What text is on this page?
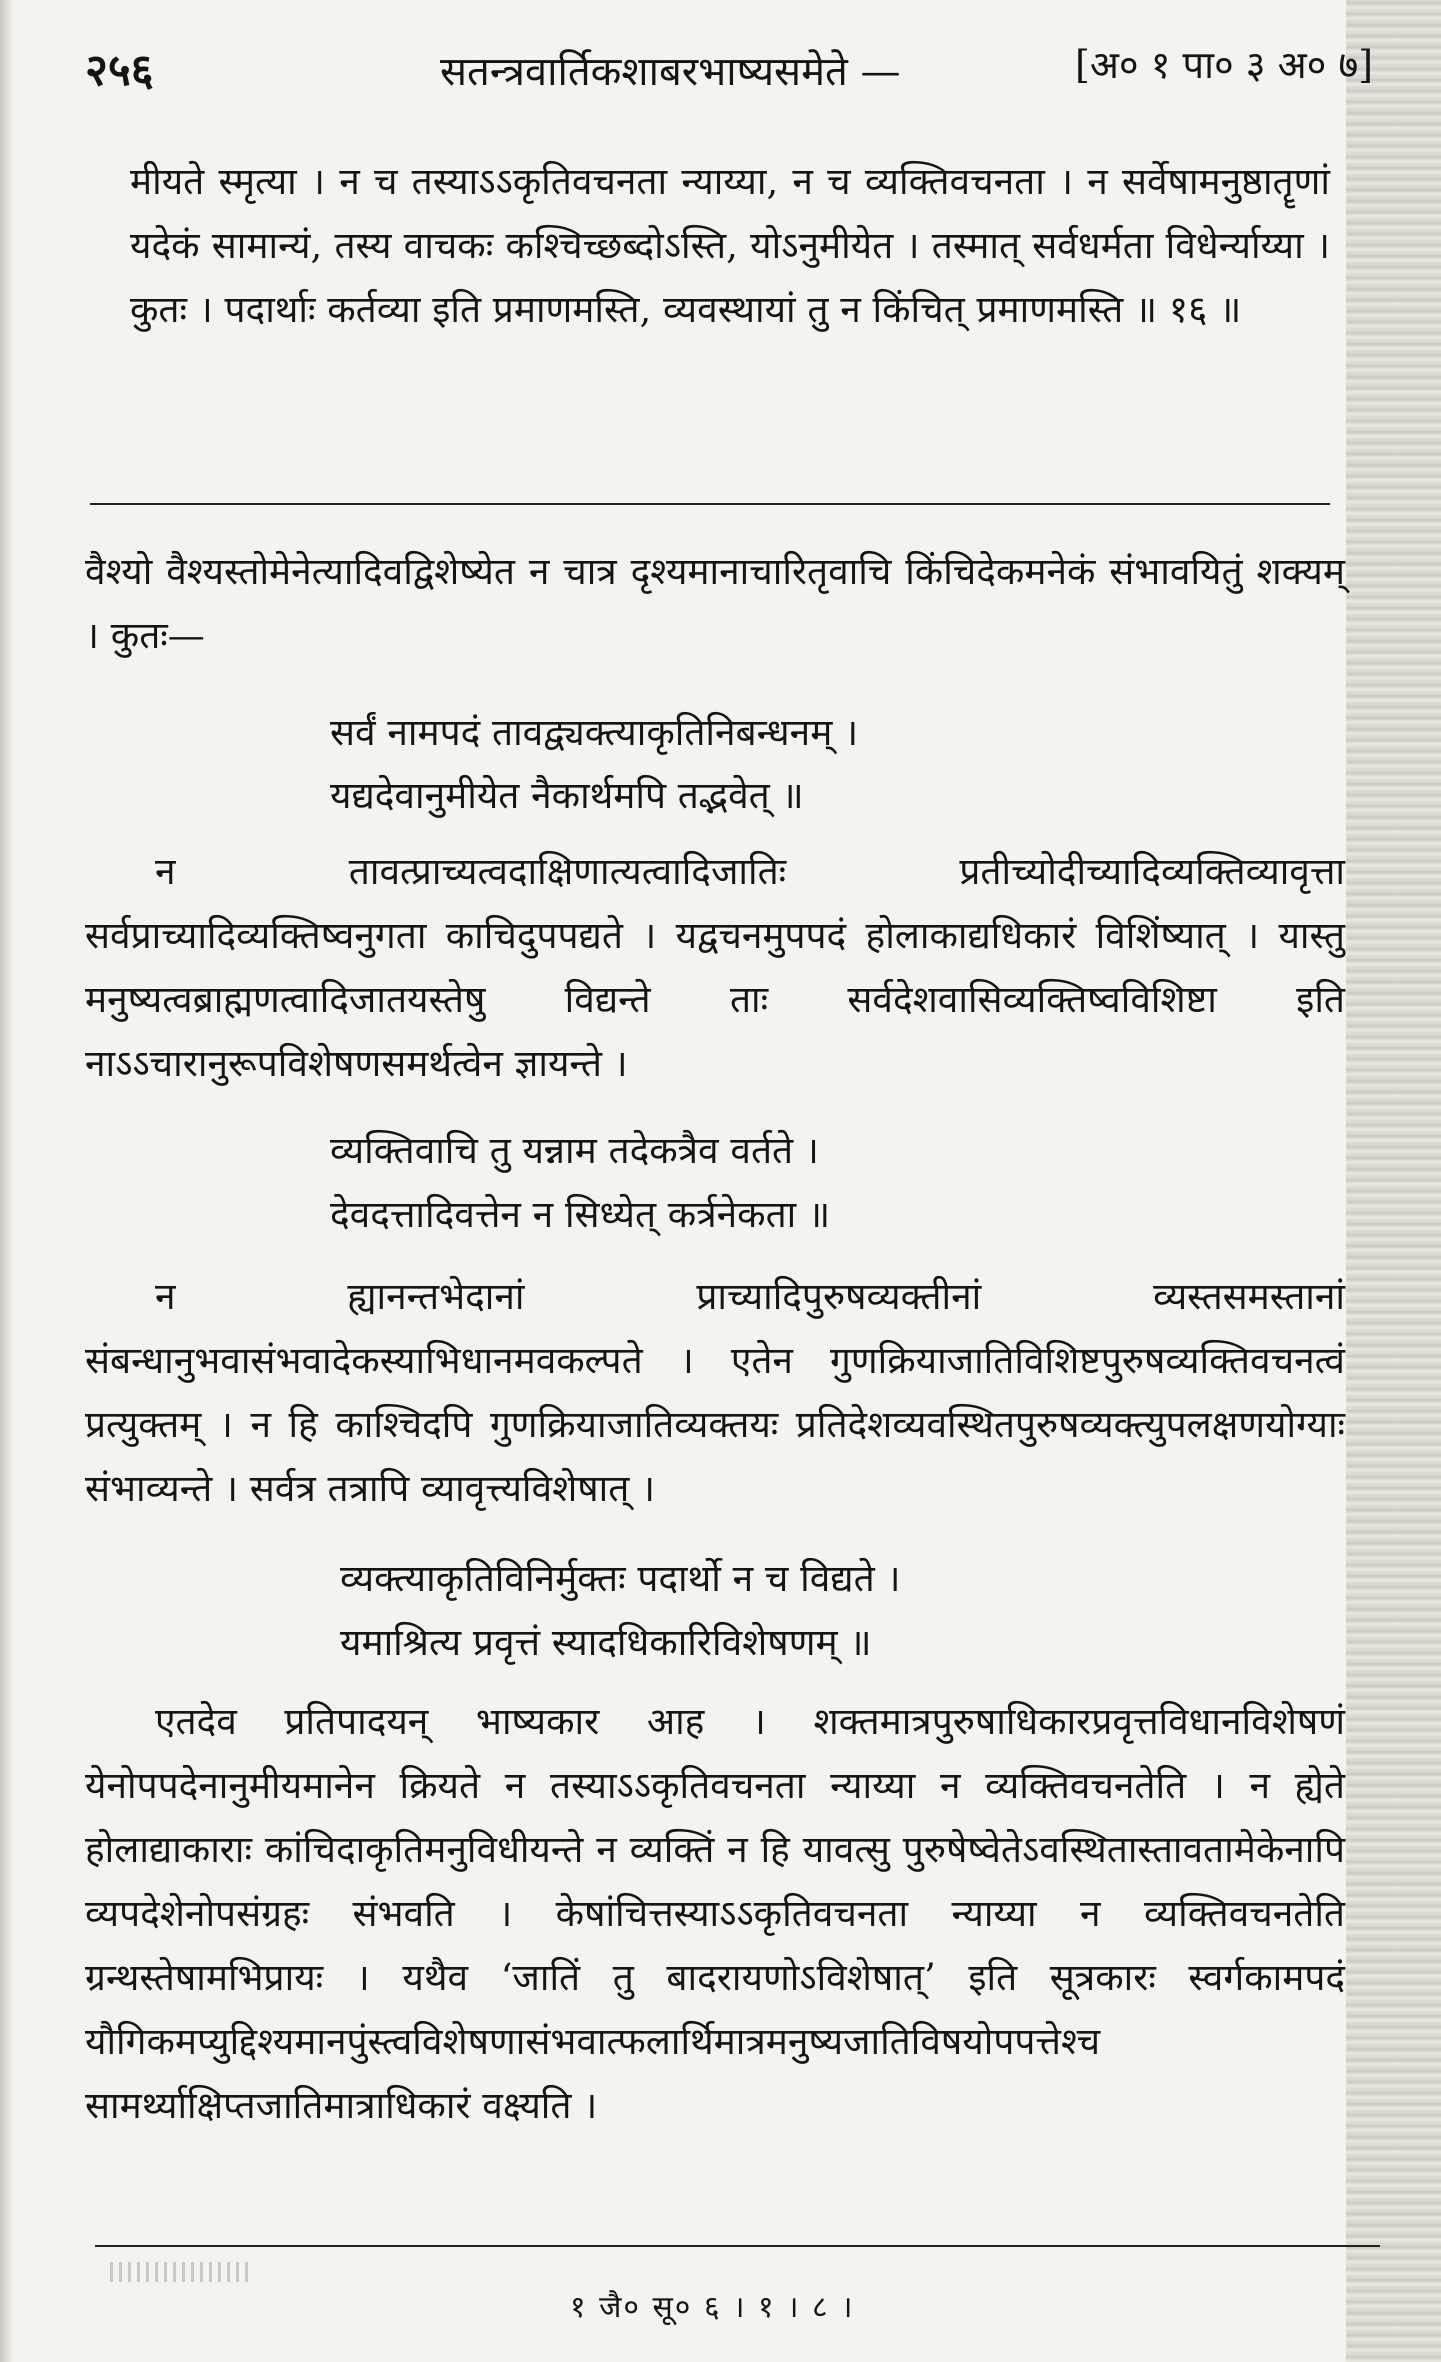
२५६	सतन्त्रवार्तिकशाबरभाष्यसमेते —	[अ० १ पा० ३ अ० ७]

मीयते स्मृत्या । न च तस्याऽऽकृतिवचनता न्याय्या, न च व्यक्तिवचनता । न सर्वेषामनुष्ठातॄणां यदेकं सामान्यं, तस्य वाचकः कश्चिच्छब्दोऽस्ति, योऽनुमीयेत । तस्मात् सर्वधर्मता विधेर्न्याय्या । कुतः । पदार्थाः कर्तव्या इति प्रमाणमस्ति, व्यवस्थायां तु न किंचित् प्रमाणमस्ति ॥ १६ ॥

वैश्यो वैश्यस्तोमेनेत्यादिवद्विशेष्येत न चात्र दृश्यमानाचारितृवाचि किंचिदेकमनेकं संभावयितुं शक्यम् । कुतः—

सर्वं नामपदं तावद्व्यक्त्याकृतिनिबन्धनम् ।

यद्यदेवानुमीयेत नैकार्थमपि तद्भवेत् ॥

न तावत्प्राच्यत्वदाक्षिणात्यत्वादिजातिः प्रतीच्योदीच्यादिव्यक्तिव्यावृत्ता सर्वप्राच्यादिव्यक्तिष्वनुगता काचिदुपपद्यते । यद्वचनमुपपदं होलाकाद्यधिकारं विशिंष्यात् । यास्तु मनुष्यत्वब्राह्मणत्वादिजातयस्तेषु विद्यन्ते ताः सर्वदेशवासिव्यक्तिष्वविशिष्टा इति नाऽऽचारानुरूपविशेषणसमर्थत्वेन ज्ञायन्ते ।

व्यक्तिवाचि तु यन्नाम तदेकत्रैव वर्तते ।

देवदत्तादिवत्तेन न सिध्येत् कर्त्रनेकता ॥

न ह्यानन्तभेदानां प्राच्यादिपुरुषव्यक्तीनां व्यस्तसमस्तानां संबन्धानुभवासंभवादेकस्याभिधानमवकल्पते । एतेन गुणक्रियाजातिविशिष्टपुरुषव्यक्तिवचनत्वं प्रत्युक्तम् । न हि काश्चिदपि गुणक्रियाजातिव्यक्तयः प्रतिदेशव्यवस्थितपुरुषव्यक्त्युपलक्षणयोग्याः संभाव्यन्ते । सर्वत्र तत्रापि व्यावृत्त्यविशेषात् ।

व्यक्त्याकृतिविनिर्मुक्तः पदार्थो न च विद्यते ।

यमाश्रित्य प्रवृत्तं स्यादधिकारिविशेषणम् ॥

एतदेव प्रतिपादयन् भाष्यकार आह । शक्तमात्रपुरुषाधिकारप्रवृत्तविधानविशेषणं येनोपपदेनानुमीयमानेन क्रियते न तस्याऽऽकृतिवचनता न्याय्या न व्यक्तिवचनतेति । न ह्येते होलाद्याकाराः कांचिदाकृतिमनुविधीयन्ते न व्यक्तिं न हि यावत्सु पुरुषेष्वेतेऽवस्थितास्तावतामेकेनापि व्यपदेशेनोपसंग्रहः संभवति । केषांचित्तस्याऽऽकृतिवचनता न्याय्या न व्यक्तिवचनतेति ग्रन्थस्तेषामभिप्रायः । यथैव ‘जातिं तु बादरायणोऽविशेषात्’ इति सूत्रकारः स्वर्गकामपदं यौगिकमप्युद्दिश्यमानपुंस्त्वविशेषणासंभवात्फलार्थिमात्रमनुष्यजातिविषयोपपत्तेश्च सामर्थ्याक्षिप्तजातिमात्राधिकारं वक्ष्यति ।

१ जै० सू० ६ । १ । ८ ।
